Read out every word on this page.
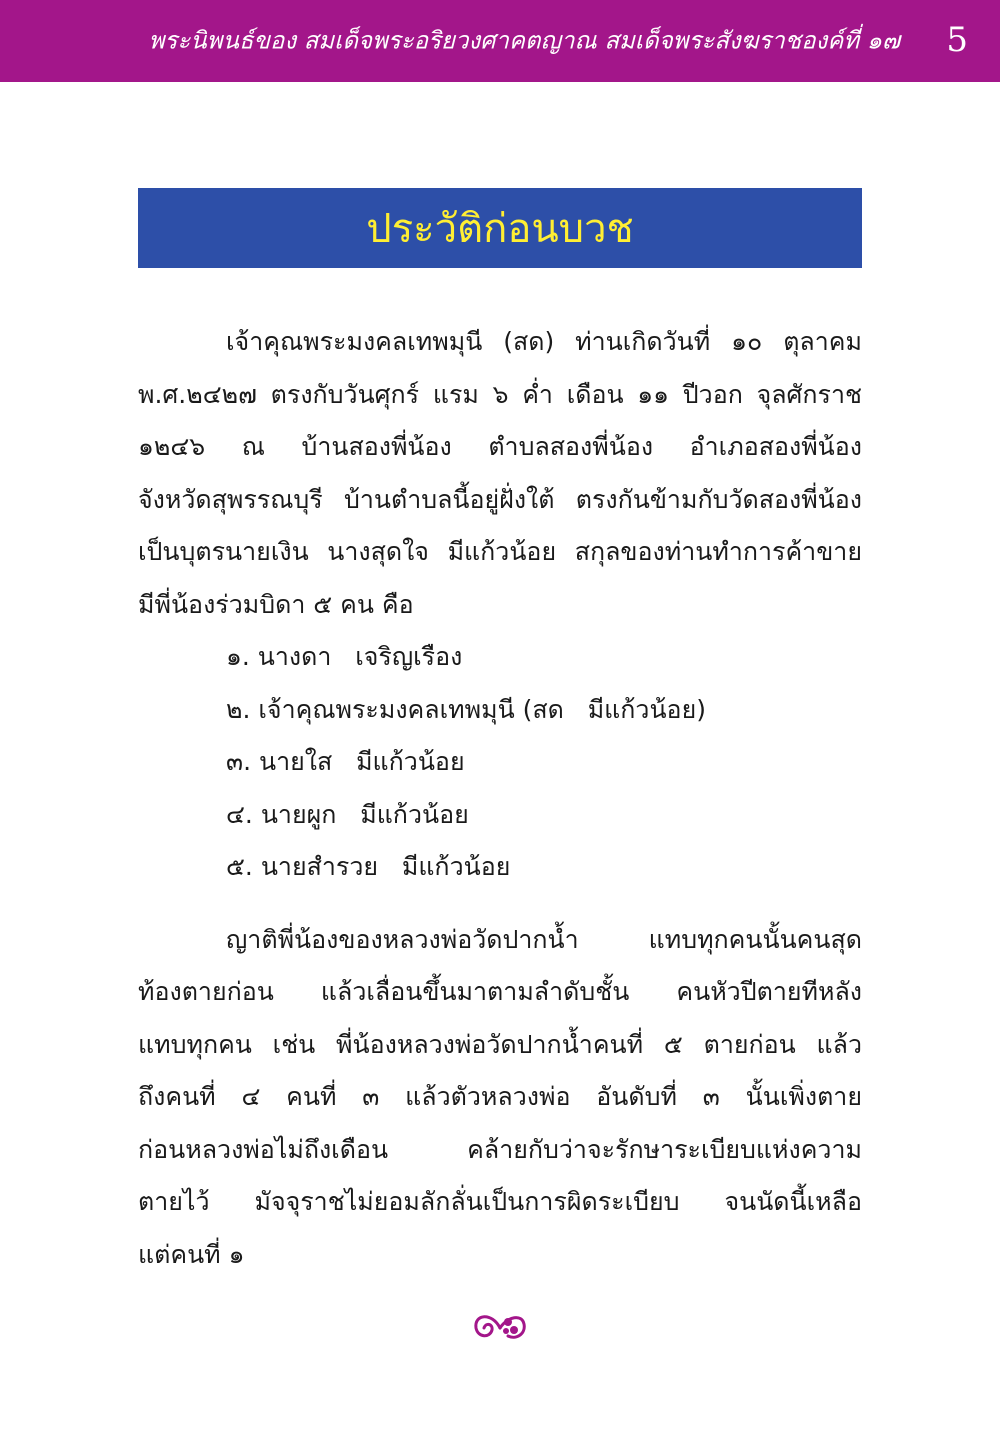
พระนิพนธ์ของ สมเด็จพระอริยวงศาคตญาณ สมเด็จพระสังฆราชองค์ที่ ๑๗ 5
ประวัติก่อนบวช
เจ้าคุณพระมงคลเทพมุนี (สด) ท่านเกิดวันที่ ๑๐ ตุลาคม
พ.ศ.๒๔๒๗ ตรงกับวันศุกร์ แรม ๖ ค่ำ เดือน ๑๑ ปีวอก จุลศักราช
๑๒๔๖ ณ บ้านสองพี่น้อง ตำบลสองพี่น้อง อำเภอสองพี่น้อง
จังหวัดสุพรรณบุรี บ้านตำบลนี้อยู่ฝั่งใต้ ตรงกันข้ามกับวัดสองพี่น้อง
เป็นบุตรนายเงิน นางสุดใจ มีแก้วน้อย สกุลของท่านทำการค้าขาย
มีพี่น้องร่วมบิดา ๕ คน คือ
๑. นางดา   เจริญเรือง
๒. เจ้าคุณพระมงคลเทพมุนี (สด   มีแก้วน้อย)
๓. นายใส   มีแก้วน้อย
๔. นายผูก   มีแก้วน้อย
๕. นายสำรวย   มีแก้วน้อย
ญาติพี่น้องของหลวงพ่อวัดปากน้ำ แทบทุกคนนั้นคนสุด
ท้องตายก่อน แล้วเลื่อนขึ้นมาตามลำดับชั้น คนหัวปีตายทีหลัง
แทบทุกคน เช่น พี่น้องหลวงพ่อวัดปากน้ำคนที่ ๕ ตายก่อน แล้ว
ถึงคนที่ ๔ คนที่ ๓ แล้วตัวหลวงพ่อ อันดับที่ ๓ นั้นเพิ่งตาย
ก่อนหลวงพ่อไม่ถึงเดือน คล้ายกับว่าจะรักษาระเบียบแห่งความ
ตายไว้ มัจจุราชไม่ยอมลักลั่นเป็นการผิดระเบียบ จนนัดนี้เหลือ
แต่คนที่ ๑
